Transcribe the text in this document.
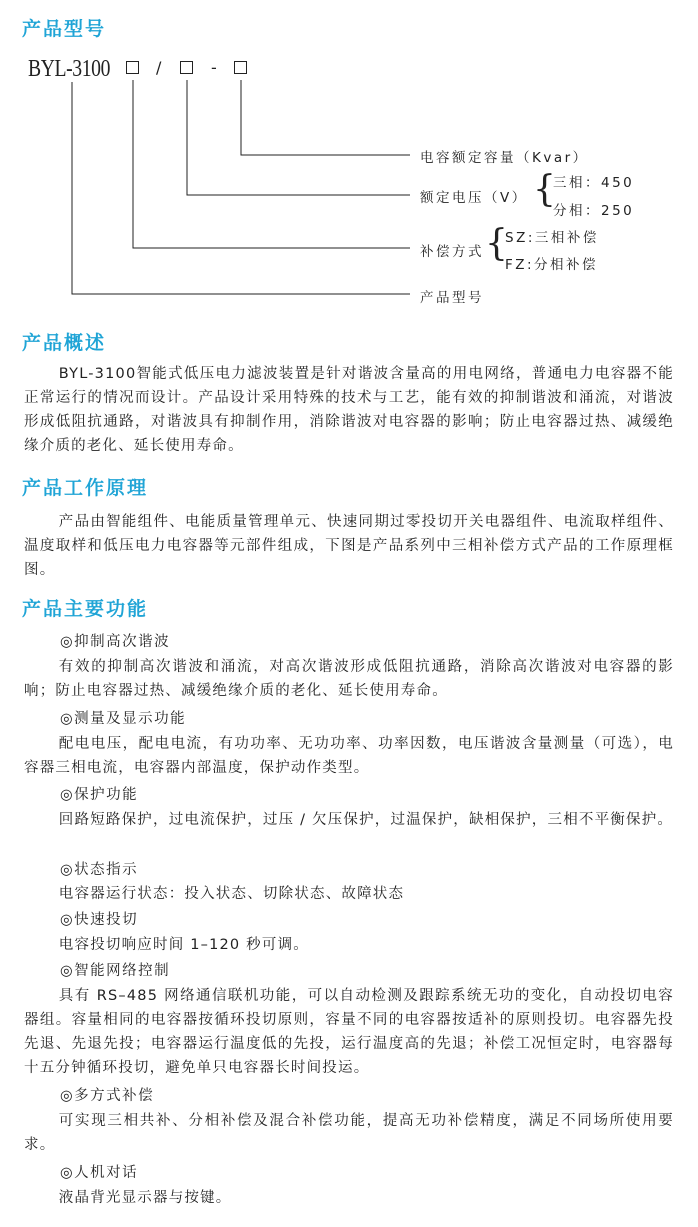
产品型号
BYL-3100	/	-
电容额定容量（Kvar）
额定电压（V） {
三相：450
分相：250
补偿方式 {
SZ:三相补偿
FZ:分相补偿
产品型号
产品概述

BYL-3100智能式低压电力滤波装置是针对谐波含量高的用电网络，普通电力电容器不能正常运行的情况而设计。产品设计采用特殊的技术与工艺，能有效的抑制谐波和涌流，对谐波形成低阻抗通路，对谐波具有抑制作用，消除谐波对电容器的影响；防止电容器过热、减缓绝缘介质的老化、延长使用寿命。

产品工作原理

产品由智能组件、电能质量管理单元、快速同期过零投切开关电器组件、电流取样组件、温度取样和低压电力电容器等元部件组成，下图是产品系列中三相补偿方式产品的工作原理框图。

产品主要功能

◎抑制高次谐波

有效的抑制高次谐波和涌流，对高次谐波形成低阻抗通路，消除高次谐波对电容器的影响；防止电容器过热、减缓绝缘介质的老化、延长使用寿命。

◎测量及显示功能

配电电压，配电电流，有功功率、无功功率、功率因数，电压谐波含量测量（可选），电容器三相电流，电容器内部温度，保护动作类型。

◎保护功能

回路短路保护，过电流保护，过压 / 欠压保护，过温保护，缺相保护，三相不平衡保护。

◎状态指示

电容器运行状态：投入状态、切除状态、故障状态

◎快速投切

电容投切响应时间 1–120 秒可调。

◎智能网络控制

具有 RS–485 网络通信联机功能，可以自动检测及跟踪系统无功的变化，自动投切电容器组。容量相同的电容器按循环投切原则，容量不同的电容器按适补的原则投切。电容器先投先退、先退先投；电容器运行温度低的先投，运行温度高的先退；补偿工况恒定时，电容器每十五分钟循环投切，避免单只电容器长时间投运。

◎多方式补偿

可实现三相共补、分相补偿及混合补偿功能，提高无功补偿精度，满足不同场所使用要求。

◎人机对话

液晶背光显示器与按键。
